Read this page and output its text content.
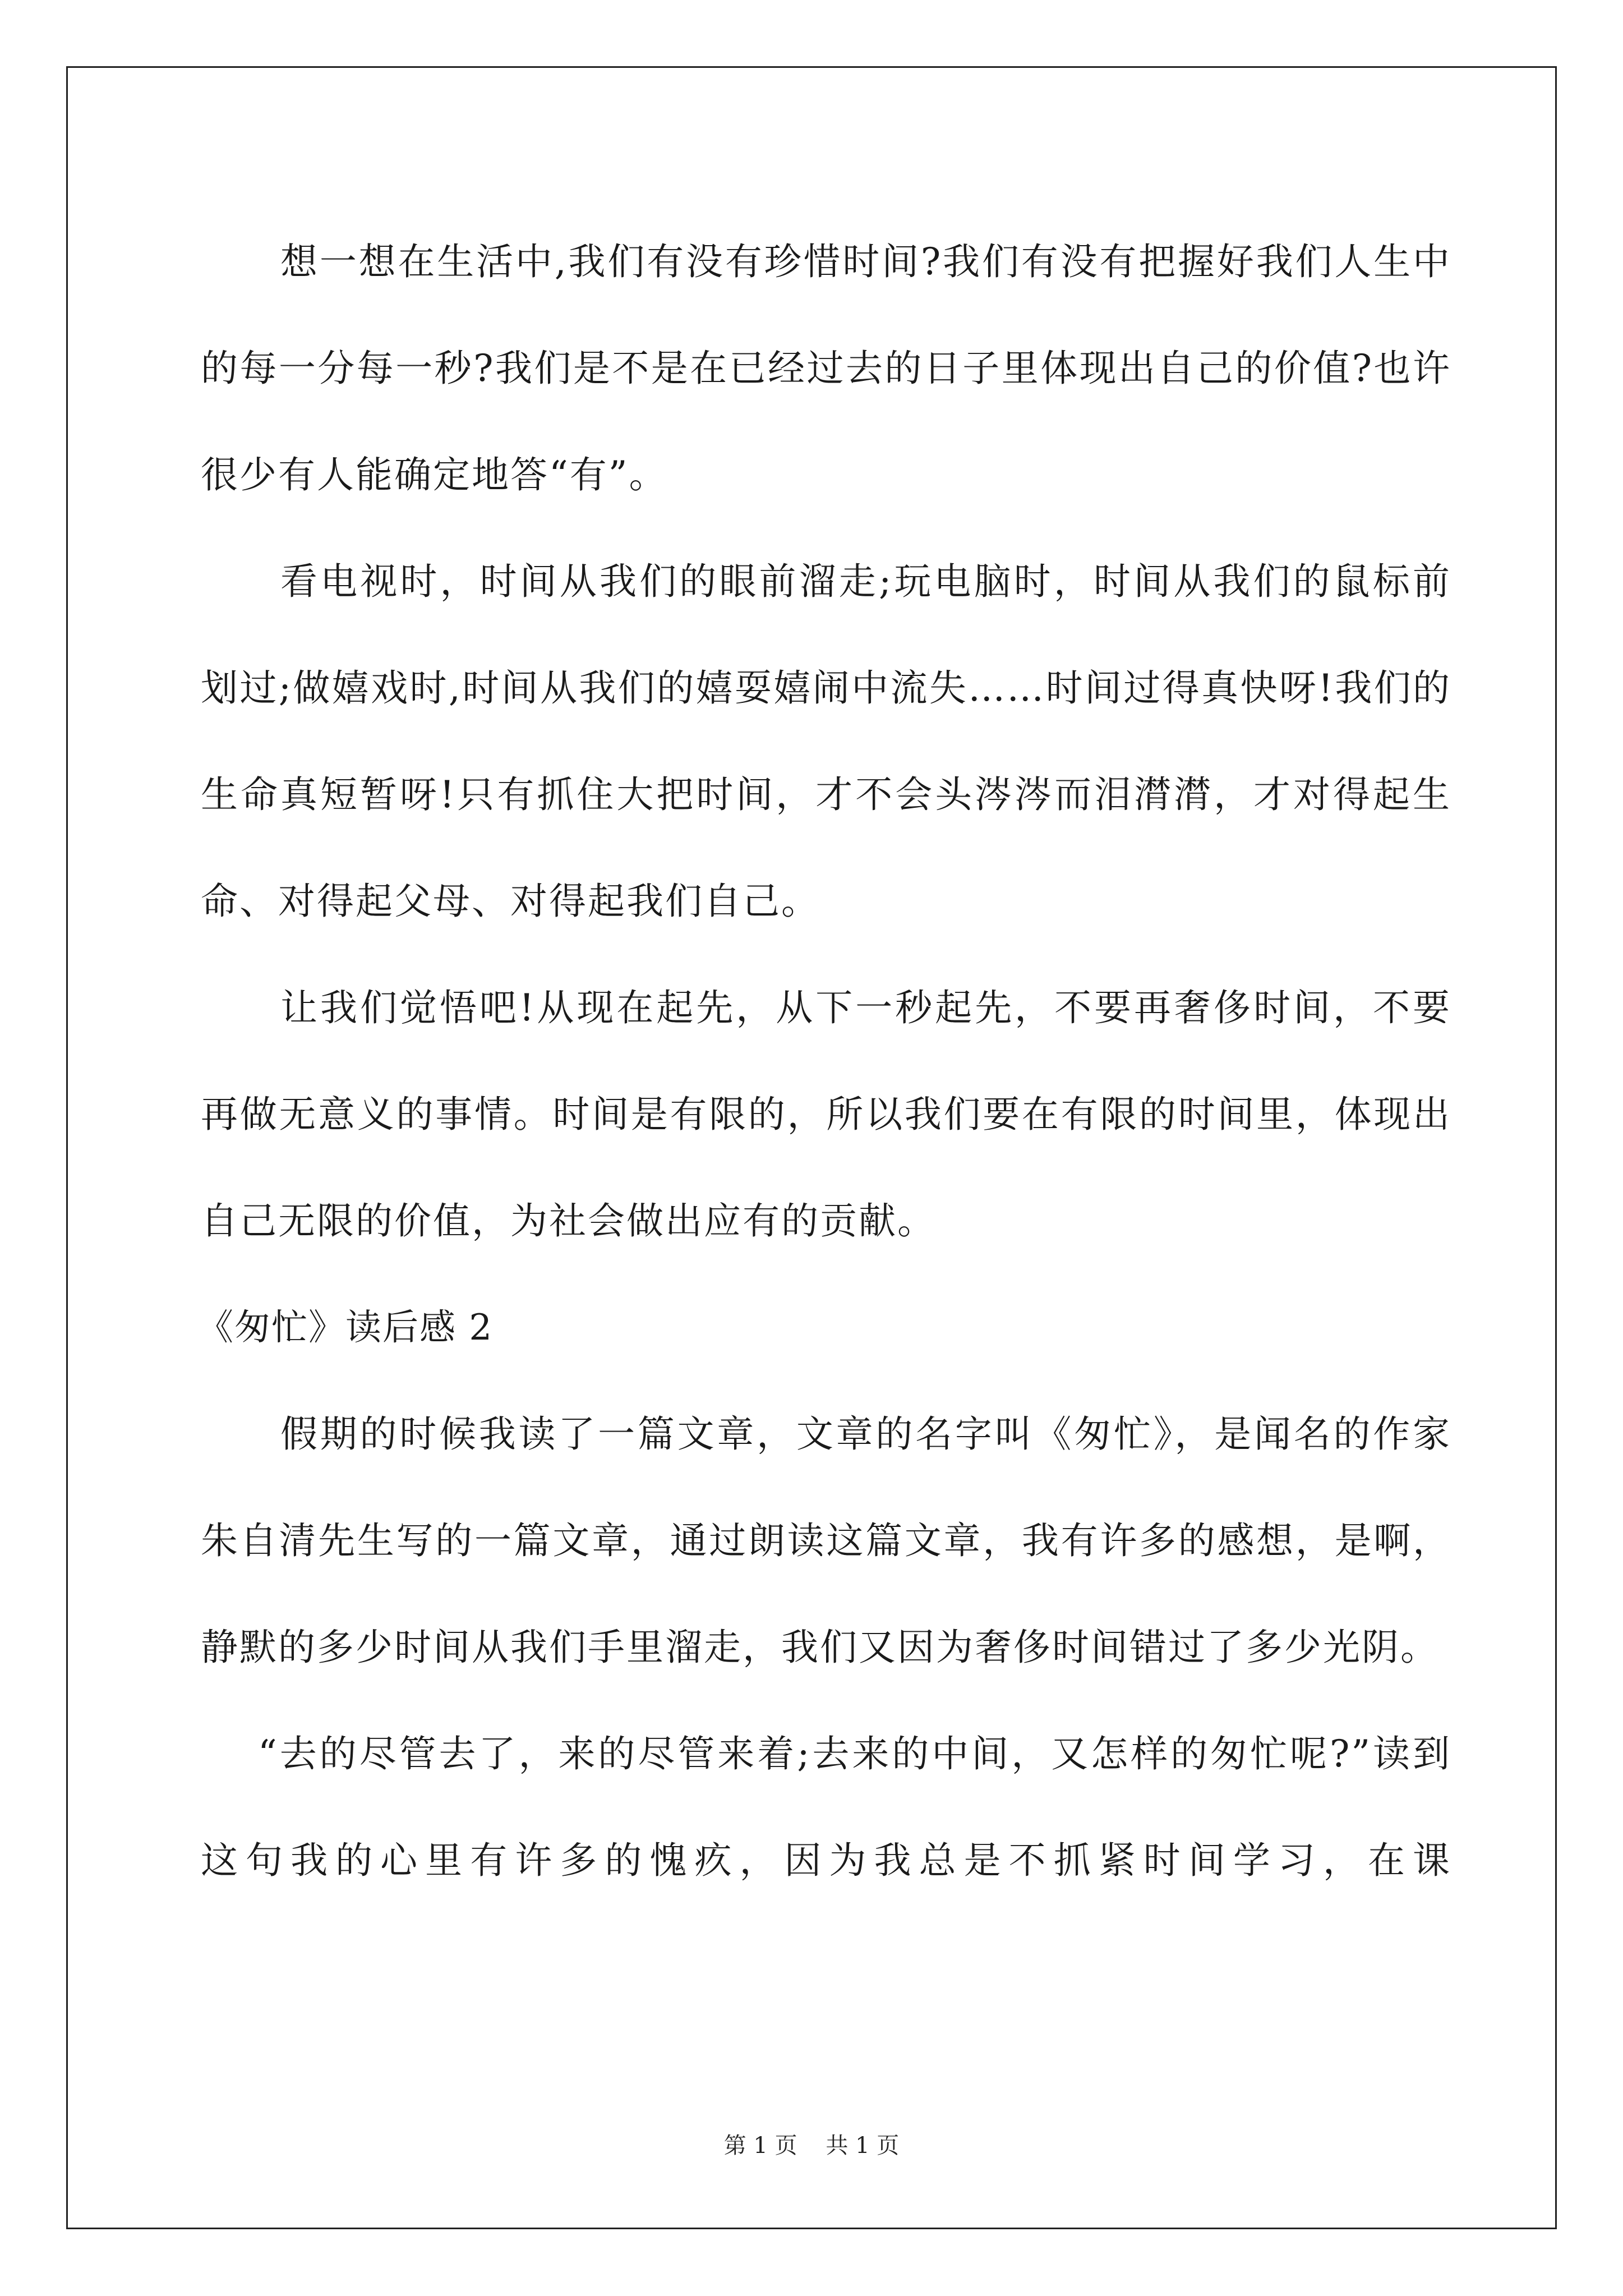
想一想在生活中,我们有没有珍惜时间?我们有没有把握好我们人生中的每一分每一秒?我们是不是在已经过去的日子里体现出自己的价值?也许很少有人能确定地答“有”。

看电视时，时间从我们的眼前溜走;玩电脑时，时间从我们的鼠标前划过;做嬉戏时,时间从我们的嬉耍嬉闹中流失……时间过得真快呀!我们的生命真短暂呀!只有抓住大把时间，才不会头涔涔而泪潸潸，才对得起生命、对得起父母、对得起我们自己。

让我们觉悟吧!从现在起先，从下一秒起先，不要再奢侈时间，不要再做无意义的事情。时间是有限的，所以我们要在有限的时间里，体现出自己无限的价值，为社会做出应有的贡献。

《匆忙》读后感 2

假期的时候我读了一篇文章，文章的名字叫《匆忙》，是闻名的作家朱自清先生写的一篇文章，通过朗读这篇文章，我有许多的感想，是啊，静默的多少时间从我们手里溜走，我们又因为奢侈时间错过了多少光阴。

“去的尽管去了，来的尽管来着;去来的中间，又怎样的匆忙呢?”读到这句我的心里有许多的愧疚，因为我总是不抓紧时间学习，在课

第 1 页    共 1 页
